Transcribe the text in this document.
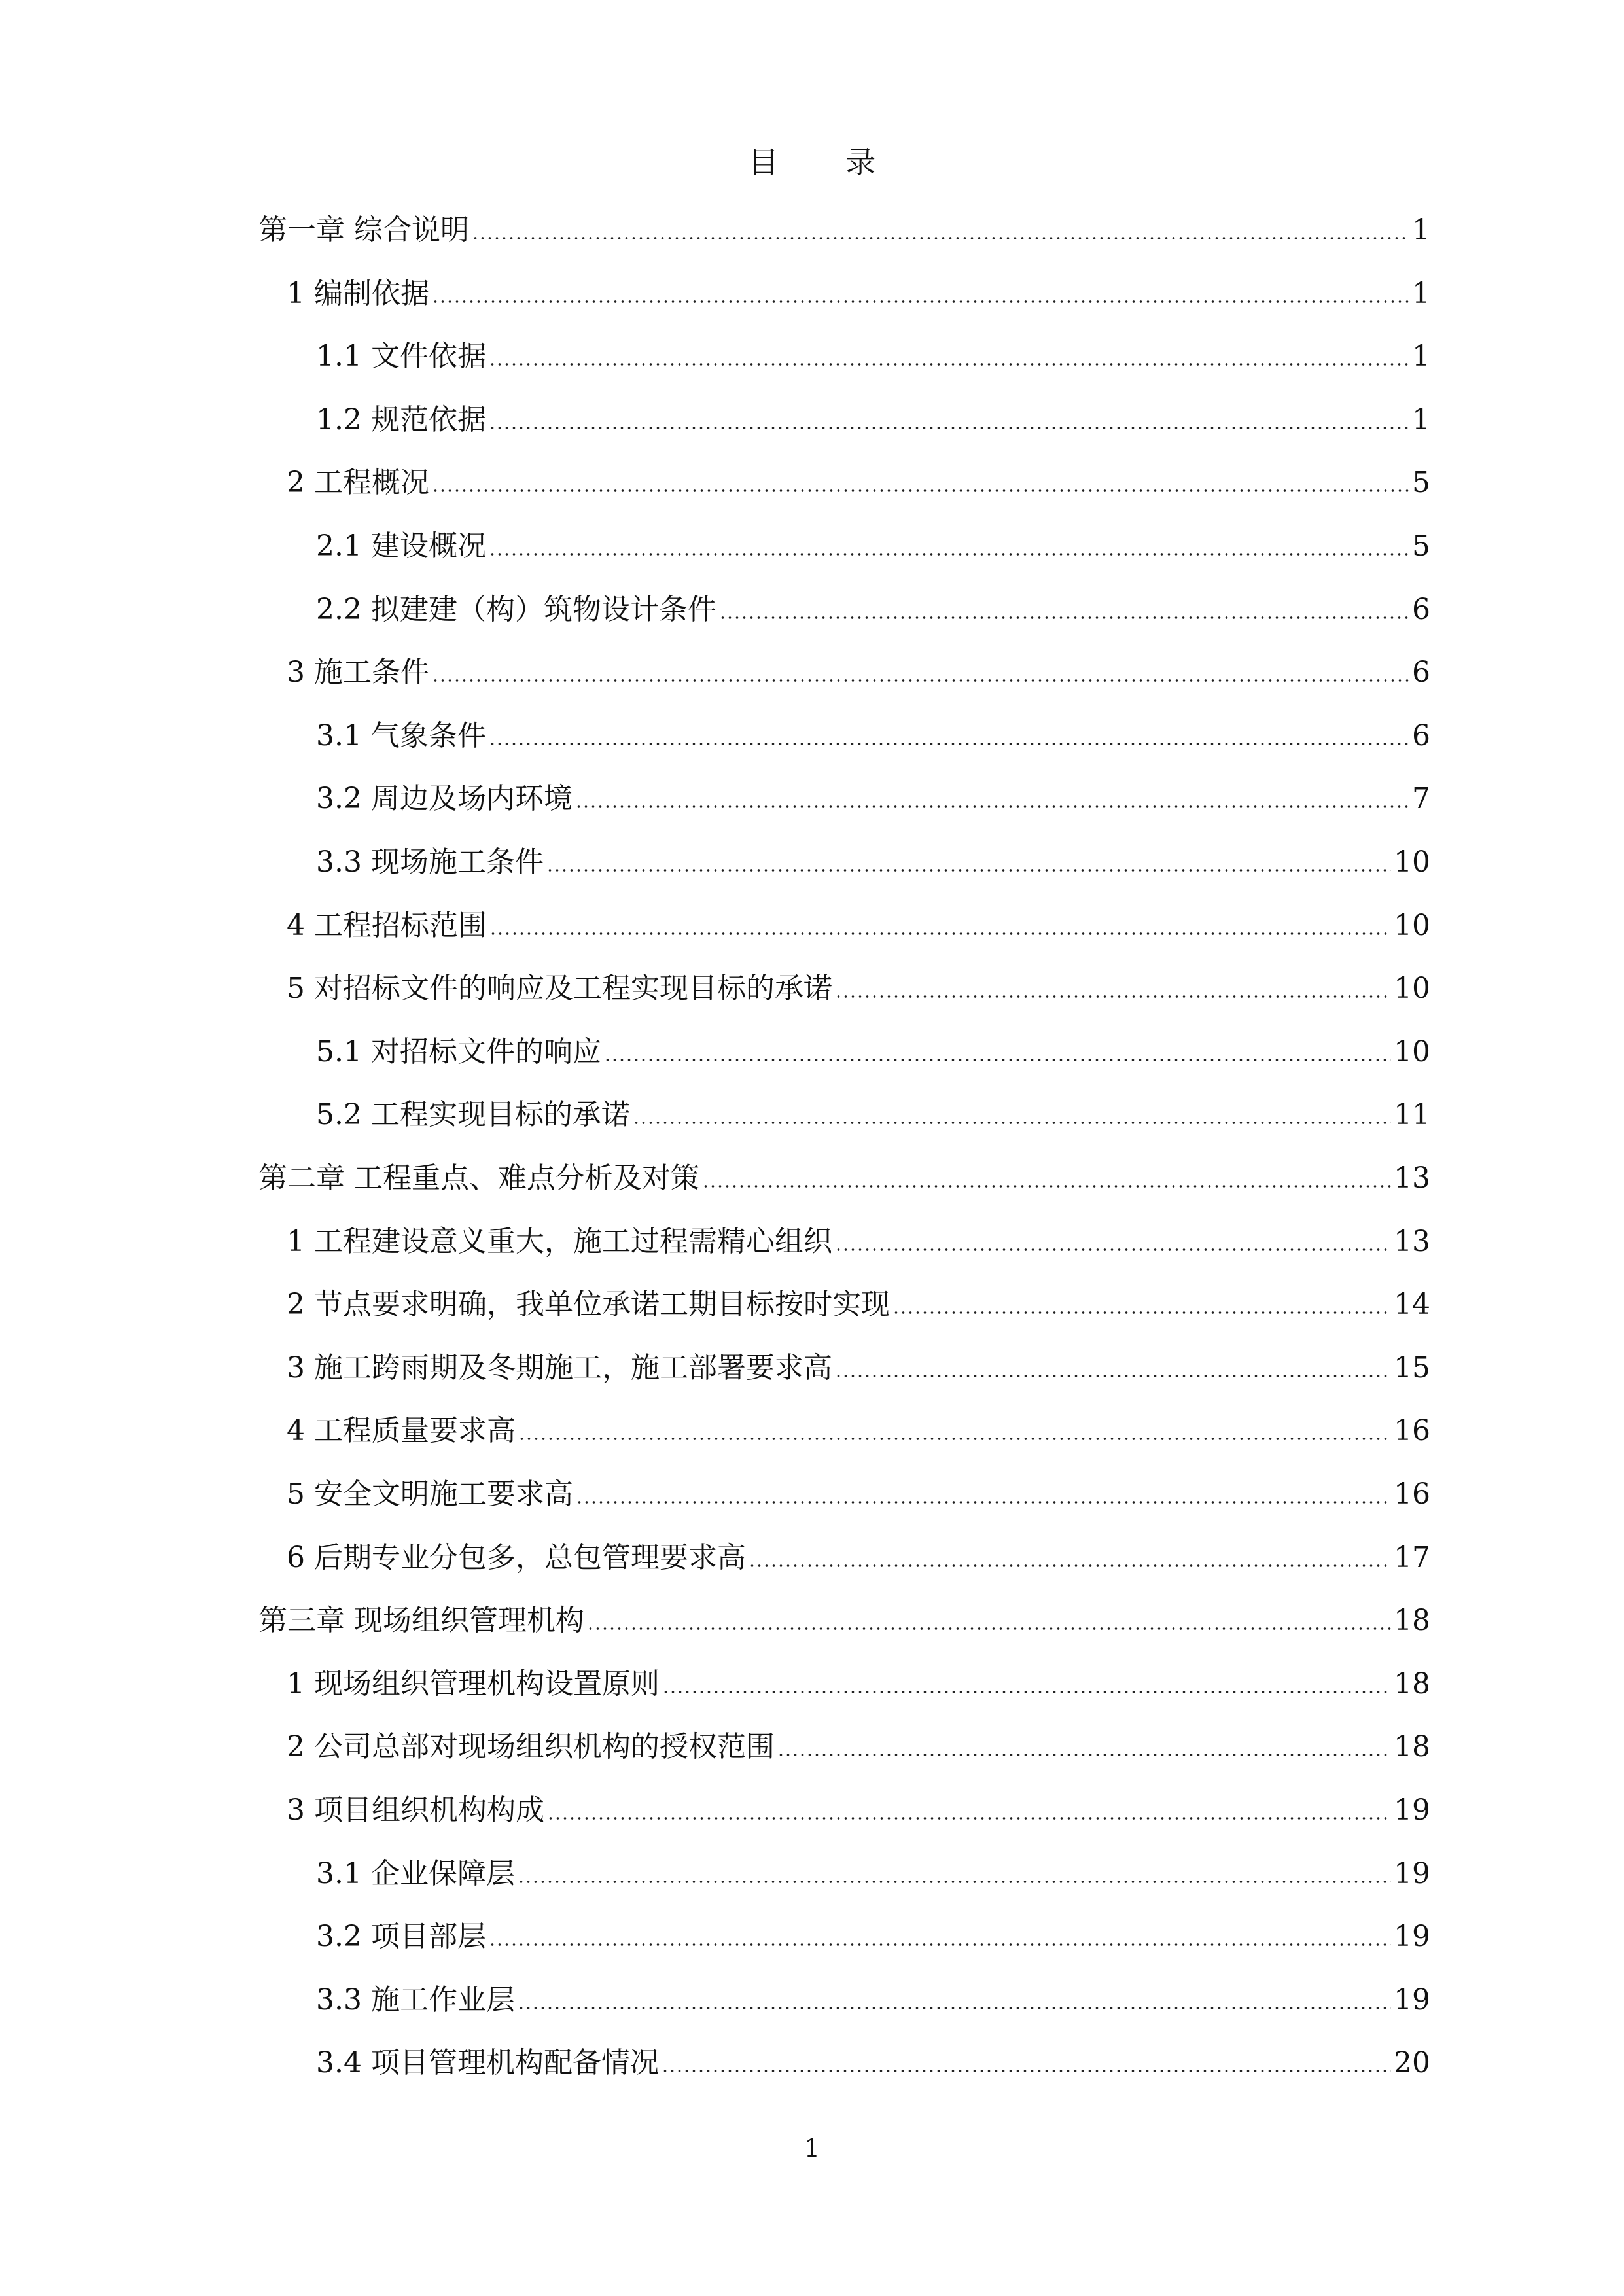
目 录
第一章 综合说明	1
1 编制依据	1
1.1 文件依据	1
1.2 规范依据	1
2 工程概况	5
2.1 建设概况	5
2.2 拟建建（构）筑物设计条件	6
3 施工条件	6
3.1 气象条件	6
3.2 周边及场内环境	7
3.3 现场施工条件	10
4 工程招标范围	10
5 对招标文件的响应及工程实现目标的承诺	10
5.1 对招标文件的响应	10
5.2 工程实现目标的承诺	11
第二章 工程重点、难点分析及对策	13
1 工程建设意义重大，施工过程需精心组织	13
2 节点要求明确，我单位承诺工期目标按时实现	14
3 施工跨雨期及冬期施工，施工部署要求高	15
4 工程质量要求高	16
5 安全文明施工要求高	16
6 后期专业分包多，总包管理要求高	17
第三章 现场组织管理机构	18
1 现场组织管理机构设置原则	18
2 公司总部对现场组织机构的授权范围	18
3 项目组织机构构成	19
3.1 企业保障层	19
3.2 项目部层	19
3.3 施工作业层	19
3.4 项目管理机构配备情况	20
1
